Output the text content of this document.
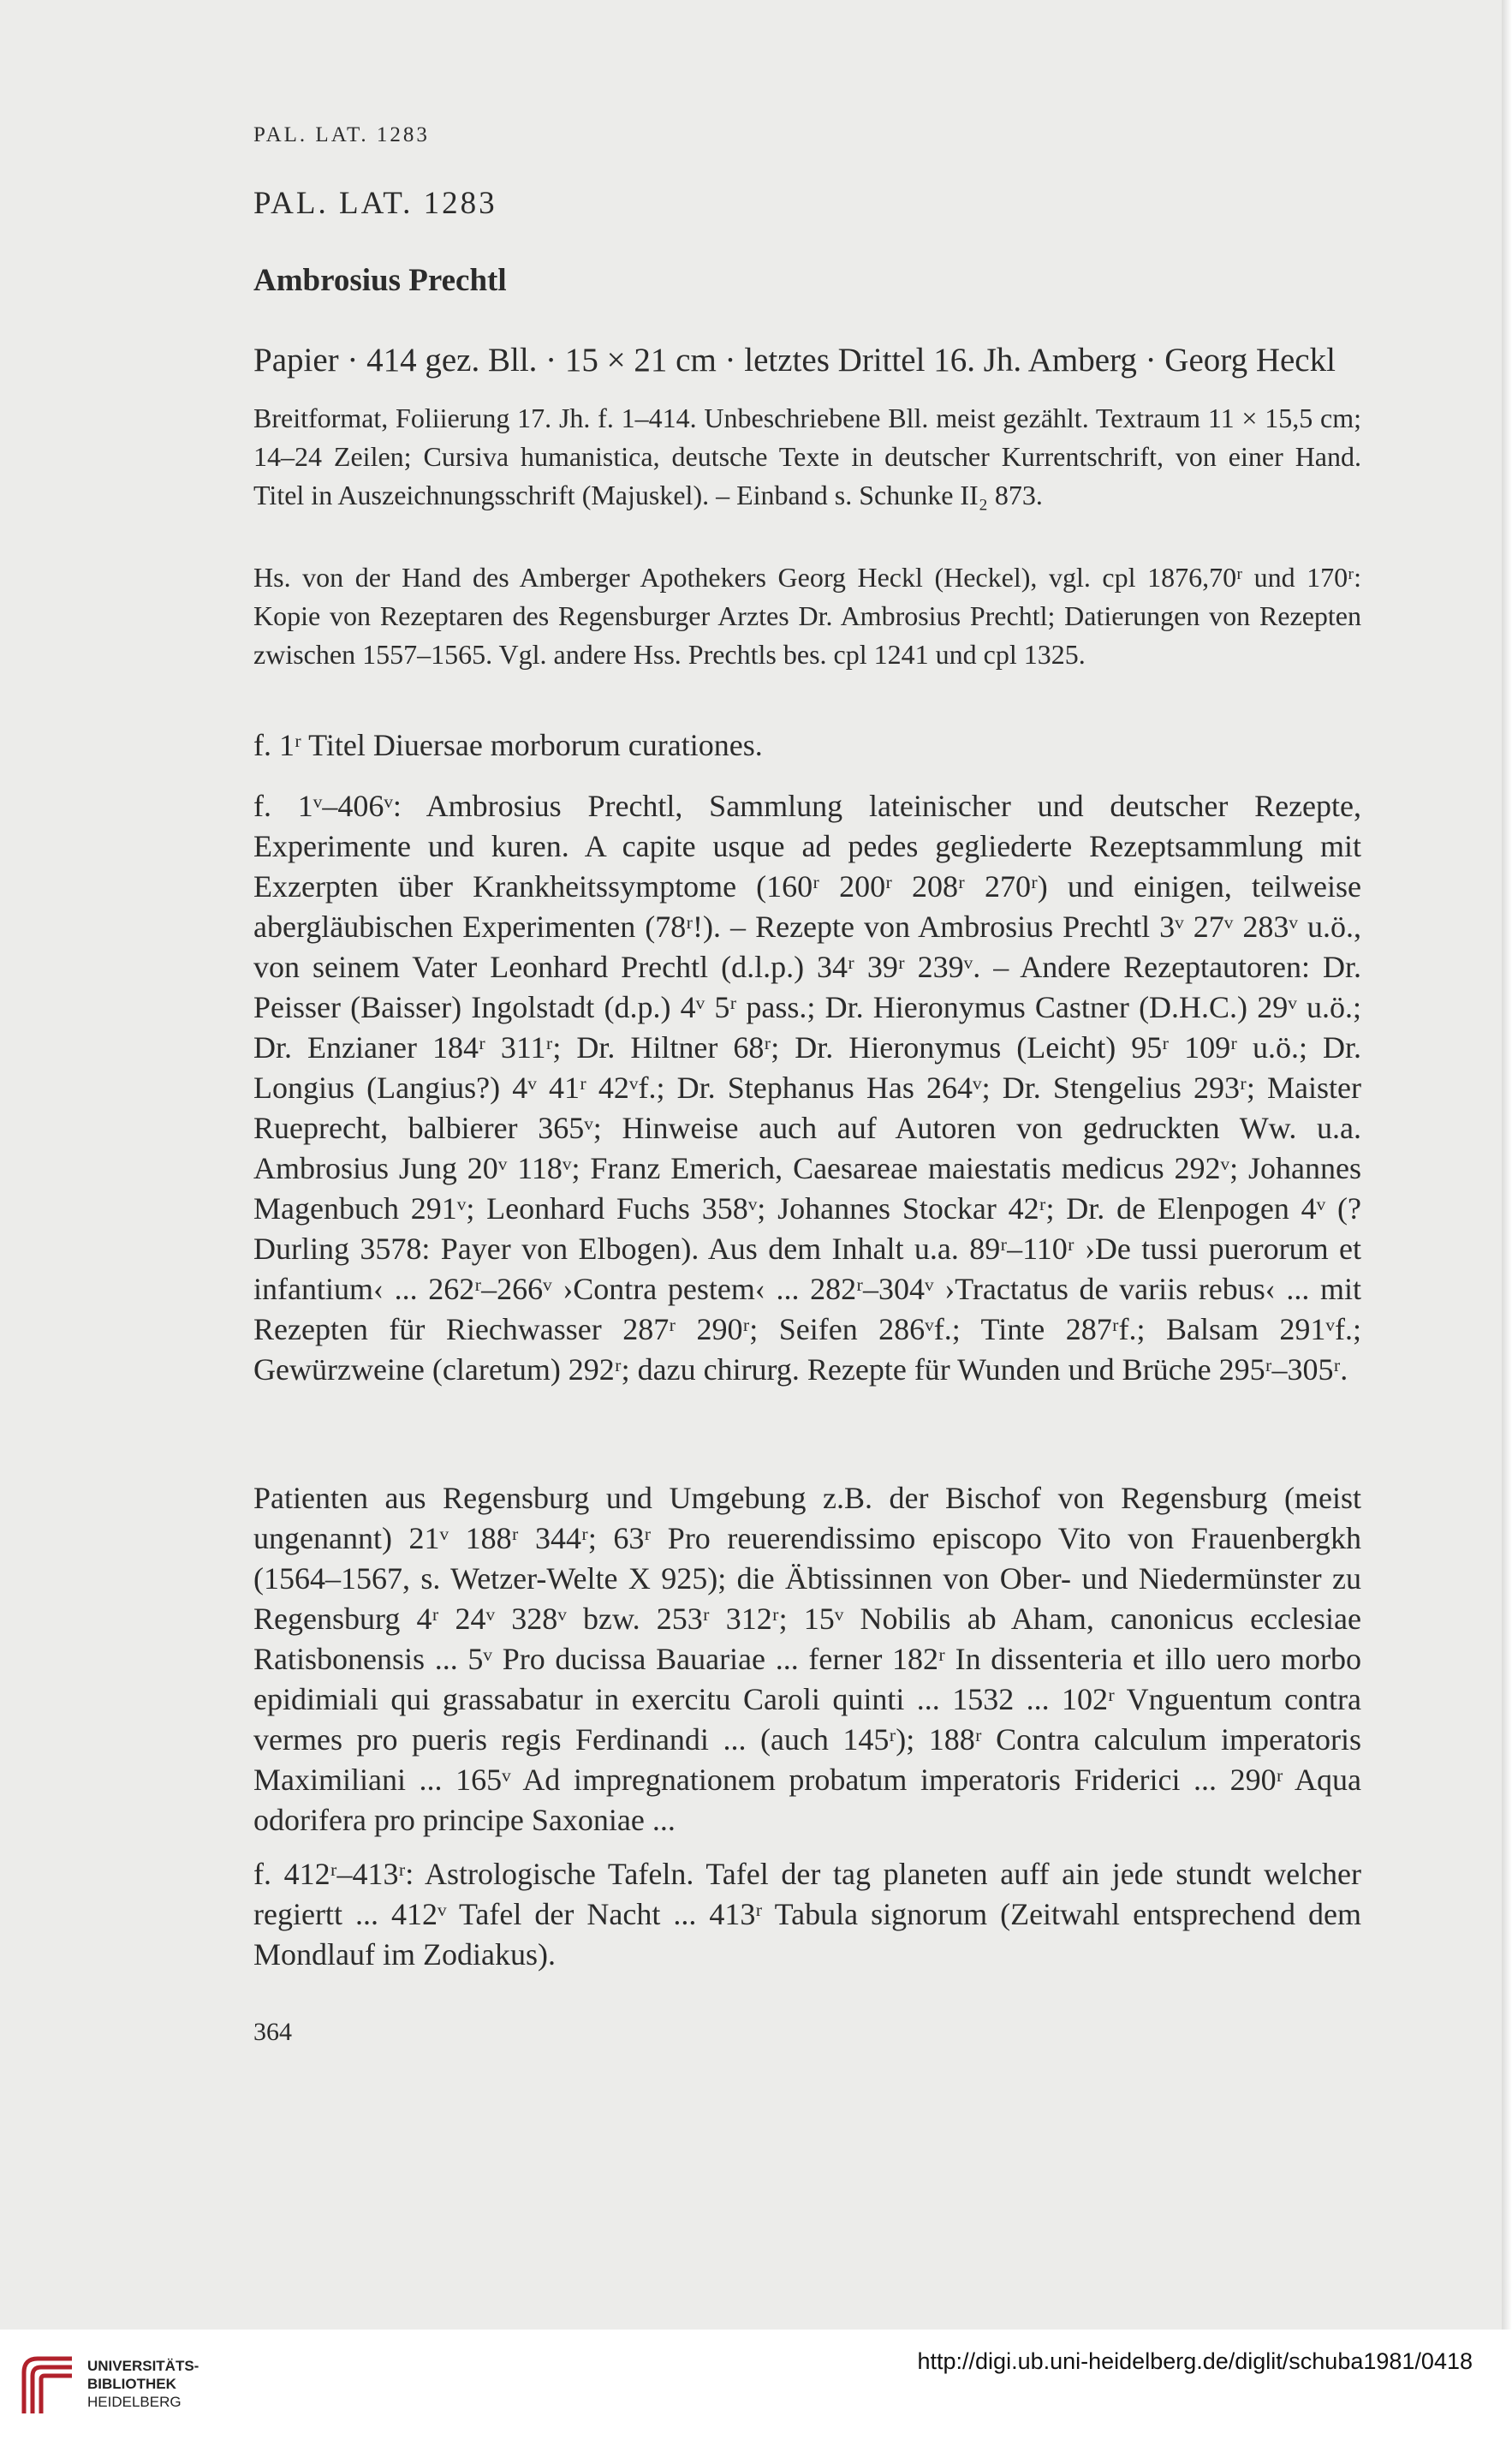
PAL. LAT. 1283
PAL. LAT. 1283
Ambrosius Prechtl
Papier · 414 gez. Bll. · 15 × 21 cm · letztes Drittel 16. Jh. Amberg · Georg Heckl

Breitformat, Foliierung 17. Jh. f. 1–414. Unbeschriebene Bll. meist gezählt. Textraum 11 × 15,5 cm; 14–24 Zeilen; Cursiva humanistica, deutsche Texte in deutscher Kurrentschrift, von einer Hand. Titel in Auszeichnungsschrift (Majuskel). – Einband s. Schunke II₂ 873.

Hs. von der Hand des Amberger Apothekers Georg Heckl (Heckel), vgl. cpl 1876,70ʳ und 170ʳ: Kopie von Rezeptaren des Regensburger Arztes Dr. Ambrosius Prechtl; Datierungen von Rezepten zwischen 1557–1565. Vgl. andere Hss. Prechtls bes. cpl 1241 und cpl 1325.

f. 1ʳ Titel Diuersae morborum curationes.

f. 1ᵛ–406ᵛ: Ambrosius Prechtl, Sammlung lateinischer und deutscher Rezepte, Experimente und kuren. A capite usque ad pedes gegliederte Rezeptsammlung mit Exzerpten über Krankheitssymptome (160ʳ 200ʳ 208ʳ 270ʳ) und einigen, teilweise abergläubischen Experimenten (78ʳ!). – Rezepte von Ambrosius Prechtl 3ᵛ 27ᵛ 283ᵛ u.ö., von seinem Vater Leonhard Prechtl (d.l.p.) 34ʳ 39ʳ 239ᵛ. – Andere Rezeptautoren: Dr. Peisser (Baisser) Ingolstadt (d.p.) 4ᵛ 5ʳ pass.; Dr. Hieronymus Castner (D.H.C.) 29ᵛ u.ö.; Dr. Enzianer 184ʳ 311ʳ; Dr. Hiltner 68ʳ; Dr. Hieronymus (Leicht) 95ʳ 109ʳ u.ö.; Dr. Longius (Langius?) 4ᵛ 41ʳ 42ᵛf.; Dr. Stephanus Has 264ᵛ; Dr. Stengelius 293ʳ; Maister Rueprecht, balbierer 365ᵛ; Hinweise auch auf Autoren von gedruckten Ww. u.a. Ambrosius Jung 20ᵛ 118ᵛ; Franz Emerich, Caesareae maiestatis medicus 292ᵛ; Johannes Magenbuch 291ᵛ; Leonhard Fuchs 358ᵛ; Johannes Stockar 42ʳ; Dr. de Elenpogen 4ᵛ (? Durling 3578: Payer von Elbogen). Aus dem Inhalt u.a. 89ʳ–110ʳ ›De tussi puerorum et infantium‹ ... 262ʳ–266ᵛ ›Contra pestem‹ ... 282ʳ–304ᵛ ›Tractatus de variis rebus‹ ... mit Rezepten für Riechwasser 287ʳ 290ʳ; Seifen 286ᵛf.; Tinte 287ʳf.; Balsam 291ᵛf.; Gewürzweine (claretum) 292ʳ; dazu chirurg. Rezepte für Wunden und Brüche 295ʳ–305ʳ.

Patienten aus Regensburg und Umgebung z.B. der Bischof von Regensburg (meist ungenannt) 21ᵛ 188ʳ 344ʳ; 63ʳ Pro reuerendissimo episcopo Vito von Frauenbergkh (1564–1567, s. Wetzer-Welte X 925); die Äbtissinnen von Ober- und Niedermünster zu Regensburg 4ʳ 24ᵛ 328ᵛ bzw. 253ʳ 312ʳ; 15ᵛ Nobilis ab Aham, canonicus ecclesiae Ratisbonensis ... 5ᵛ Pro ducissa Bauariae ... ferner 182ʳ In dissenteria et illo uero morbo epidimiali qui grassabatur in exercitu Caroli quinti ... 1532 ... 102ʳ Vnguentum contra vermes pro pueris regis Ferdinandi ... (auch 145ʳ); 188ʳ Contra calculum imperatoris Maximiliani ... 165ᵛ Ad impregnationem probatum imperatoris Friderici ... 290ʳ Aqua odorifera pro principe Saxoniae ...

f. 412ʳ–413ʳ: Astrologische Tafeln. Tafel der tag planeten auff ain jede stundt welcher regiertt ... 412ᵛ Tafel der Nacht ... 413ʳ Tabula signorum (Zeitwahl entsprechend dem Mondlauf im Zodiakus).

364
UNIVERSITÄTS-
BIBLIOTHEK
HEIDELBERG
http://digi.ub.uni-heidelberg.de/diglit/schuba1981/0418
